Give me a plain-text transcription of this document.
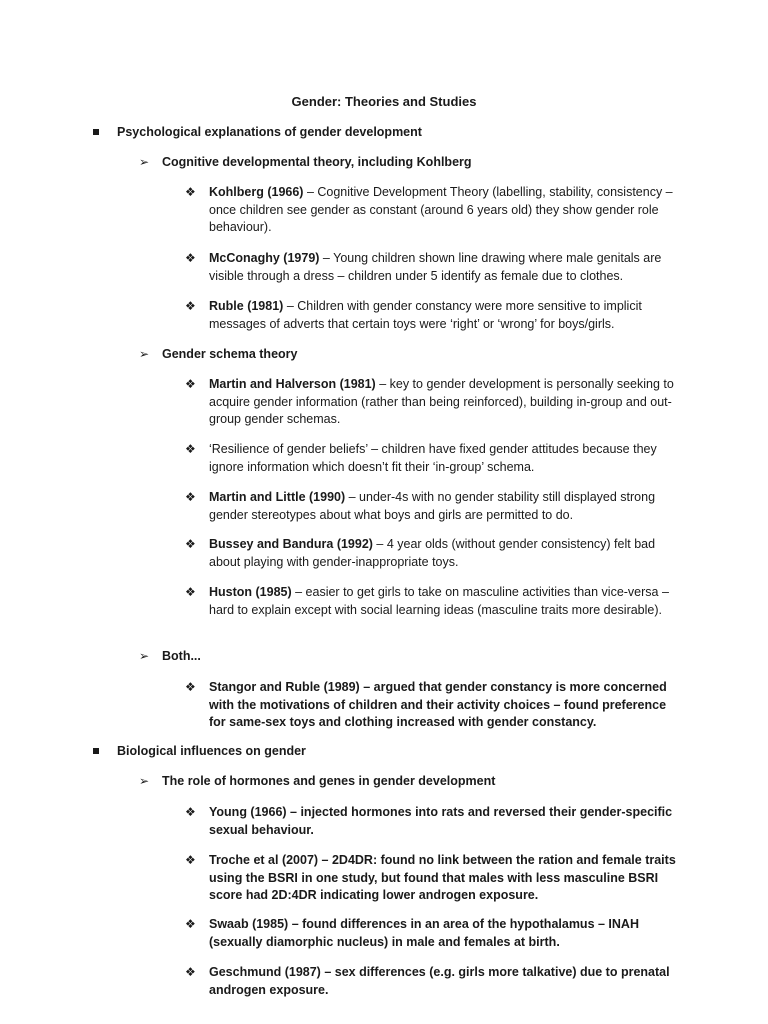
Gender: Theories and Studies
Psychological explanations of gender development
➢ Cognitive developmental theory, including Kohlberg
❖ Kohlberg (1966) – Cognitive Development Theory (labelling, stability, consistency – once children see gender as constant (around 6 years old) they show gender role behaviour).
❖ McConaghy (1979) – Young children shown line drawing where male genitals are visible through a dress – children under 5 identify as female due to clothes.
❖ Ruble (1981) – Children with gender constancy were more sensitive to implicit messages of adverts that certain toys were ‘right’ or ‘wrong’ for boys/girls.
➢ Gender schema theory
❖ Martin and Halverson (1981) – key to gender development is personally seeking to acquire gender information (rather than being reinforced), building in-group and out-group gender schemas.
❖ ‘Resilience of gender beliefs’ – children have fixed gender attitudes because they ignore information which doesn’t fit their ‘in-group’ schema.
❖ Martin and Little (1990) – under-4s with no gender stability still displayed strong gender stereotypes about what boys and girls are permitted to do.
❖ Bussey and Bandura (1992) – 4 year olds (without gender consistency) felt bad about playing with gender-inappropriate toys.
❖ Huston (1985) – easier to get girls to take on masculine activities than vice-versa – hard to explain except with social learning ideas (masculine traits more desirable).
➢ Both...
❖ Stangor and Ruble (1989) – argued that gender constancy is more concerned with the motivations of children and their activity choices – found preference for same-sex toys and clothing increased with gender constancy.
Biological influences on gender
➢ The role of hormones and genes in gender development
❖ Young (1966) – injected hormones into rats and reversed their gender-specific sexual behaviour.
❖ Troche et al (2007) – 2D4DR: found no link between the ration and female traits using the BSRI in one study, but found that males with less masculine BSRI score had 2D:4DR indicating lower androgen exposure.
❖ Swaab (1985) – found differences in an area of the hypothalamus – INAH (sexually diamorphic nucleus) in male and females at birth.
❖ Geschmund (1987) – sex differences (e.g. girls more talkative) due to prenatal androgen exposure.
